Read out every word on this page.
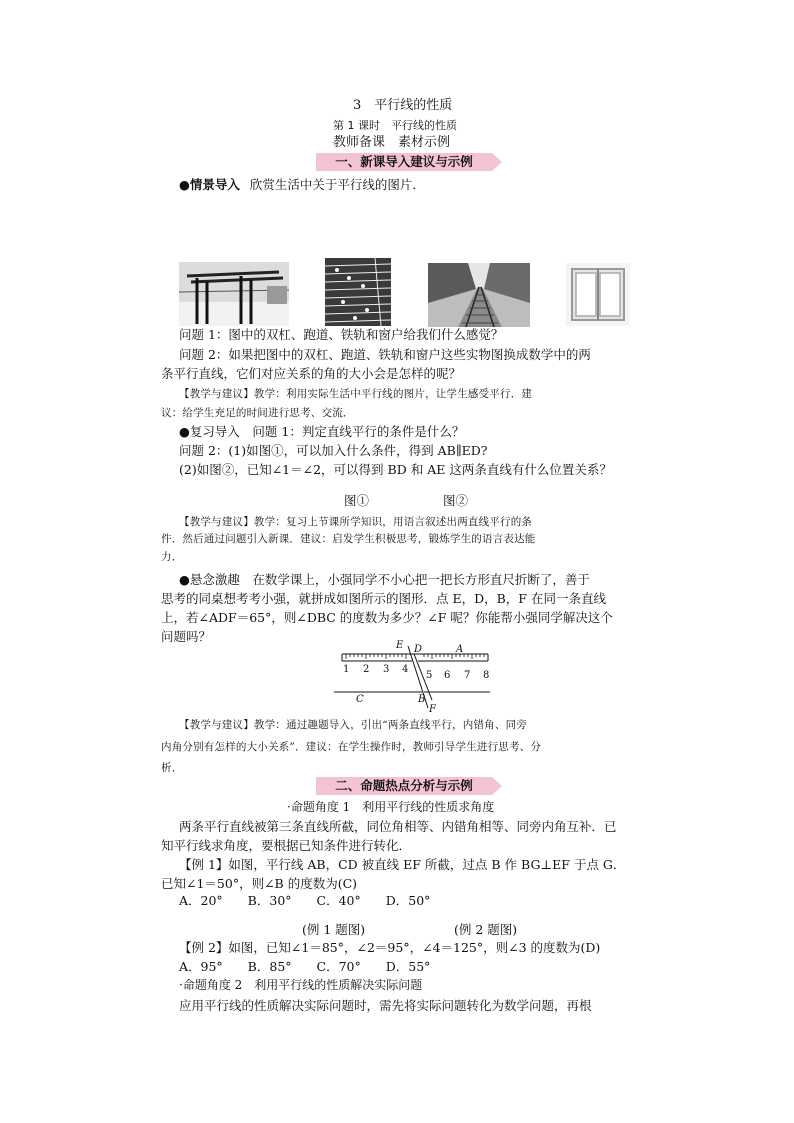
3　平行线的性质
第 1 课时　平行线的性质
教师备课　素材示例
一、新课导入建议与示例
●情景导入 欣赏生活中关于平行线的图片．
问题 1：图中的双杠、跑道、铁轨和窗户给我们什么感觉？
问题 2：如果把图中的双杠、跑道、铁轨和窗户这些实物图换成数学中的两
条平行直线，它们对应关系的角的大小会是怎样的呢？
【教学与建议】教学：利用实际生活中平行线的图片，让学生感受平行．建
议：给学生充足的时间进行思考、交流．
●复习导入　问题 1：判定直线平行的条件是什么？
问题 2：(1)如图①，可以加入什么条件，得到 AB∥ED?
(2)如图②，已知∠1＝∠2，可以得到 BD 和 AE 这两条直线有什么位置关系？
图①	图②
【教学与建议】教学：复习上节课所学知识，用语言叙述出两直线平行的条
件．然后通过问题引入新课．建议：启发学生积极思考，锻炼学生的语言表达能
力．
●悬念激趣　在数学课上，小强同学不小心把一把长方形直尺折断了，善于
思考的同桌想考考小强，就拼成如图所示的图形．点 E，D，B，F 在同一条直线
上，若∠ADF＝65°，则∠DBC 的度数为多少？∠F 呢？你能帮小强同学解决这个
问题吗？
1 2 3 4
5 6 7 8
E D	A
C	B
F
【教学与建议】教学：通过趣题导入，引出“两条直线平行，内错角、同旁
内角分别有怎样的大小关系”．建议：在学生操作时，教师引导学生进行思考、分
析．
二、命题热点分析与示例
·命题角度 1　利用平行线的性质求角度
两条平行直线被第三条直线所截，同位角相等、内错角相等、同旁内角互补．已
知平行线求角度，要根据已知条件进行转化．
【例 1】如图，平行线 AB，CD 被直线 EF 所截，过点 B 作 BG⊥EF 于点 G．
已知∠1＝50°，则∠B 的度数为(C)
A．20°　　B．30°　　C．40°　　D．50°
(例 1 题图)	(例 2 题图)
【例 2】如图，已知∠1＝85°，∠2＝95°，∠4＝125°，则∠3 的度数为(D)
A．95°　　B．85°　　C．70°　　D．55°
·命题角度 2　利用平行线的性质解决实际问题
应用平行线的性质解决实际问题时，需先将实际问题转化为数学问题，再根
